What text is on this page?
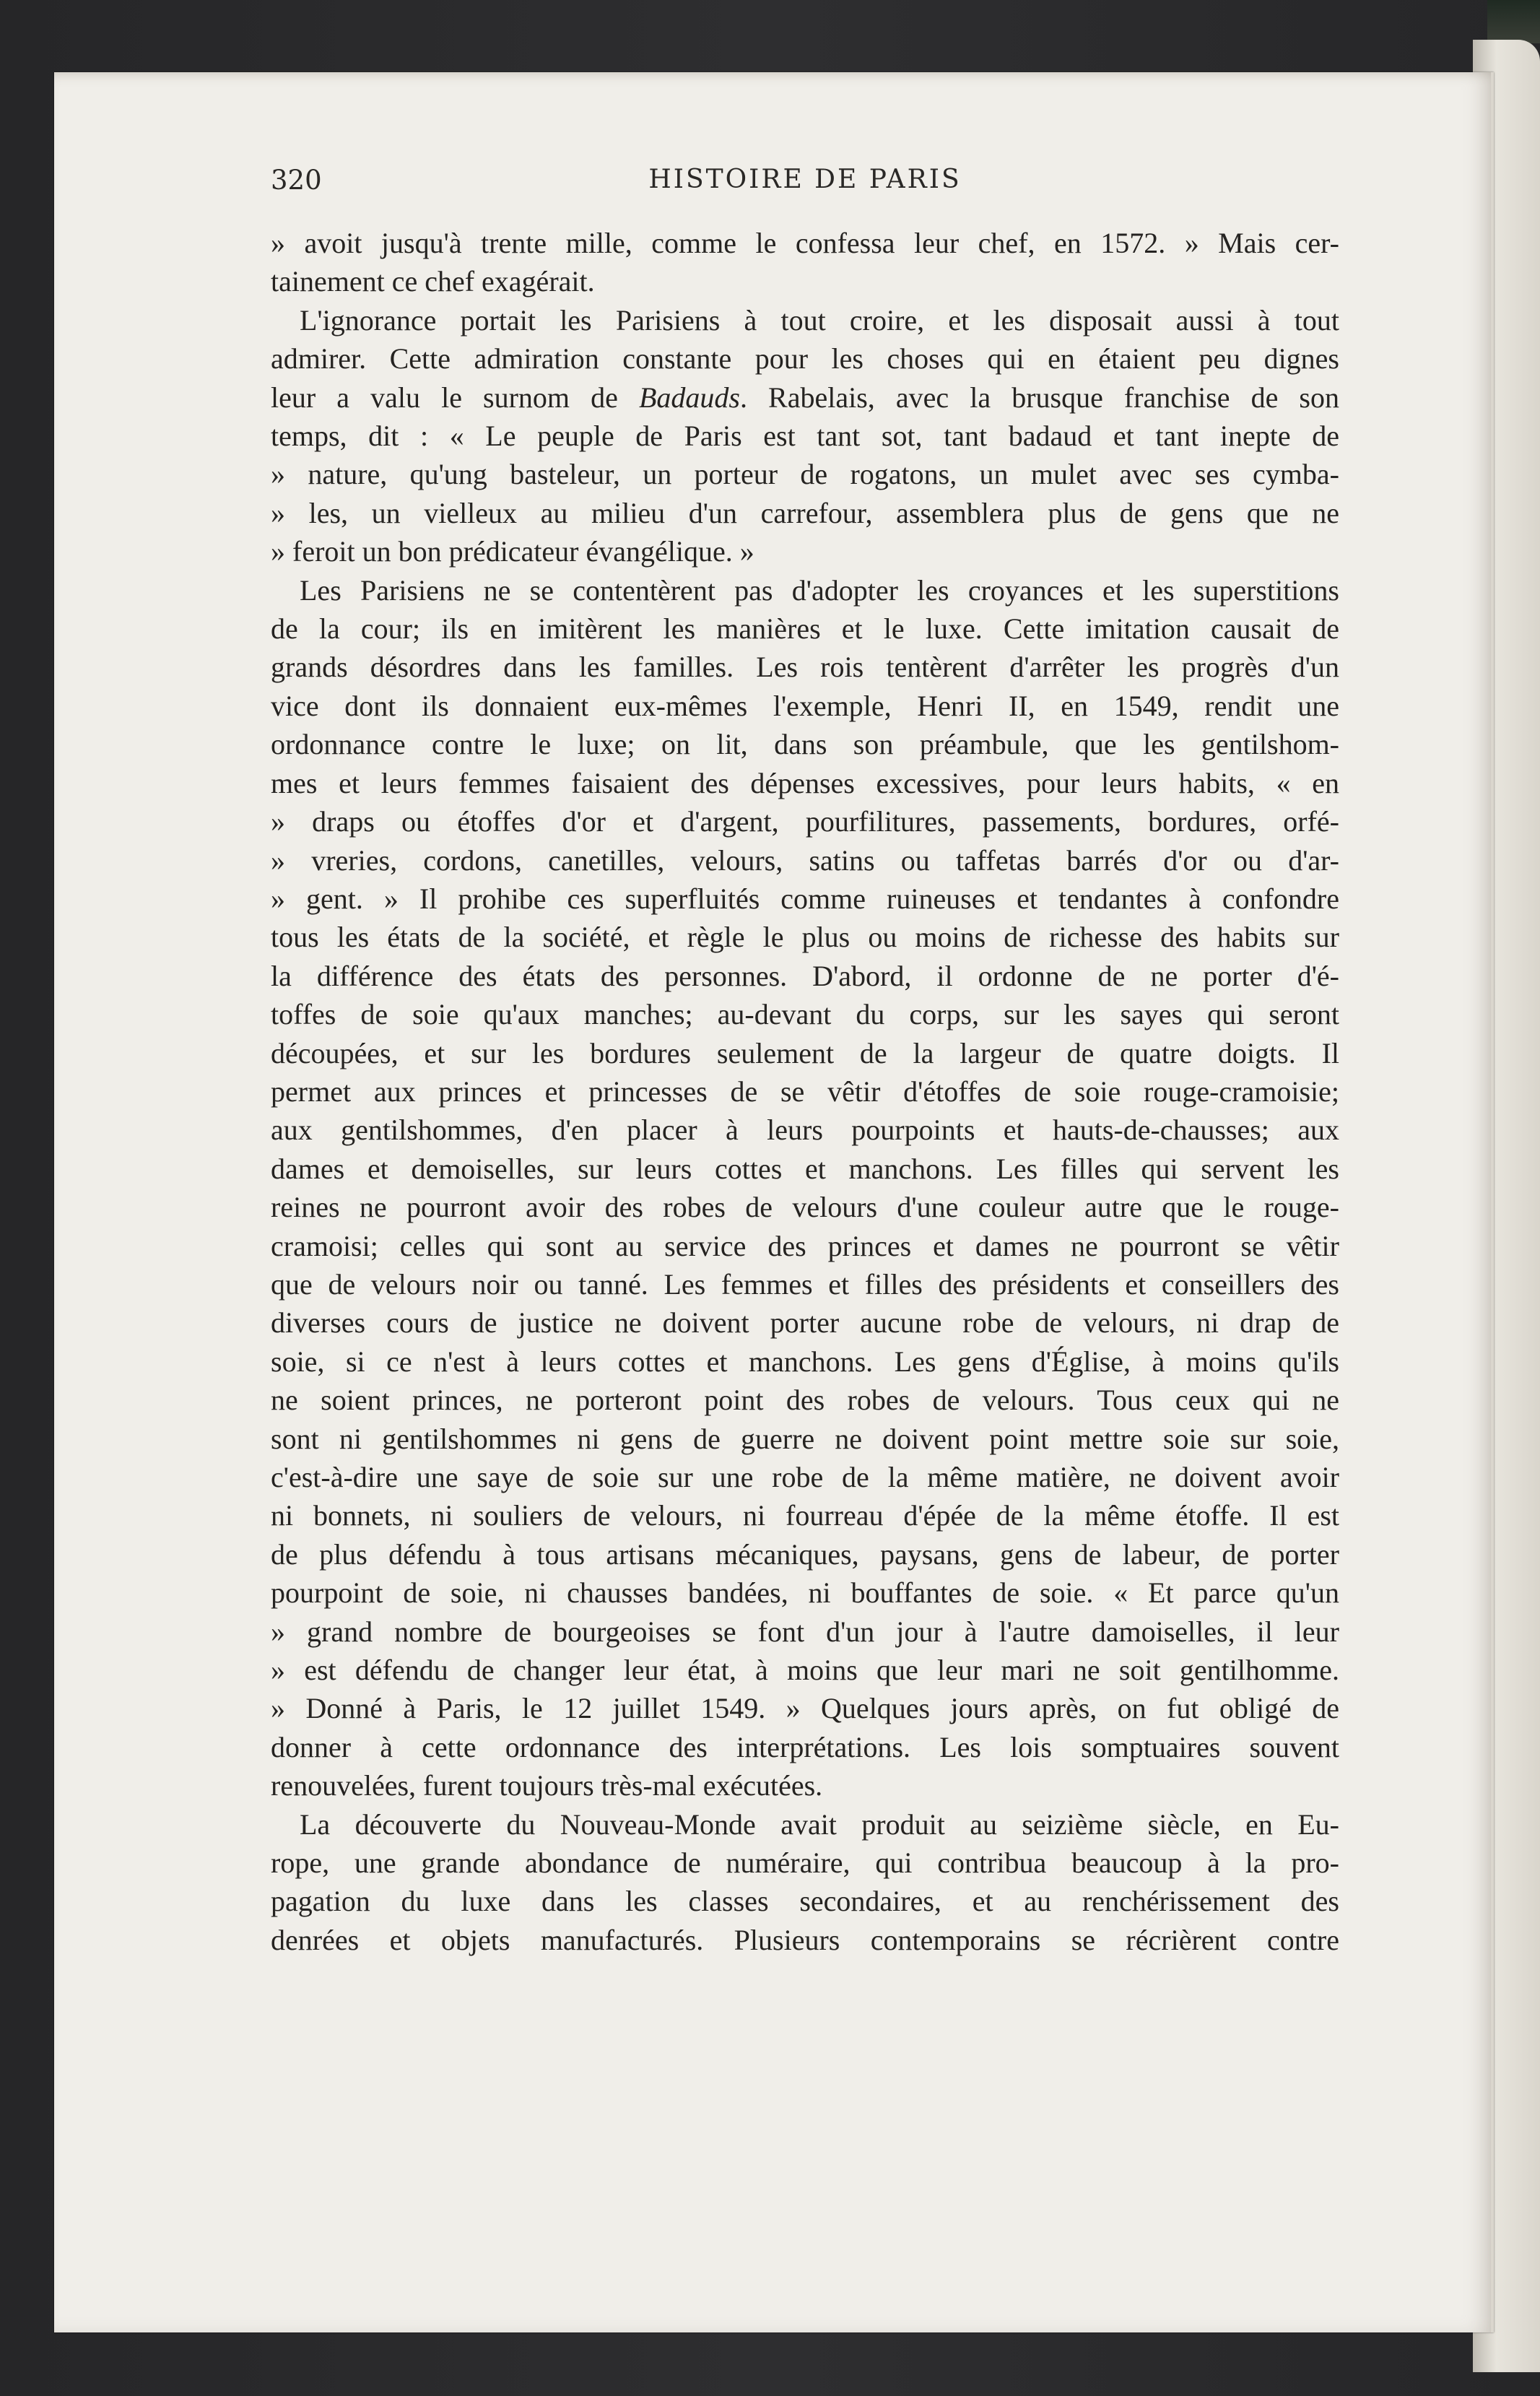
320	HISTOIRE DE PARIS
» avoit jusqu'à trente mille, comme le confessa leur chef, en 1572. » Mais cer-
tainement ce chef exagérait.
L'ignorance portait les Parisiens à tout croire, et les disposait aussi à tout
admirer. Cette admiration constante pour les choses qui en étaient peu dignes
leur a valu le surnom de Badauds. Rabelais, avec la brusque franchise de son
temps, dit : « Le peuple de Paris est tant sot, tant badaud et tant inepte de
» nature, qu'ung basteleur, un porteur de rogatons, un mulet avec ses cymba-
» les, un vielleux au milieu d'un carrefour, assemblera plus de gens que ne
» feroit un bon prédicateur évangélique. »
Les Parisiens ne se contentèrent pas d'adopter les croyances et les superstitions
de la cour; ils en imitèrent les manières et le luxe. Cette imitation causait de
grands désordres dans les familles. Les rois tentèrent d'arrêter les progrès d'un
vice dont ils donnaient eux-mêmes l'exemple, Henri II, en 1549, rendit une
ordonnance contre le luxe; on lit, dans son préambule, que les gentilshom-
mes et leurs femmes faisaient des dépenses excessives, pour leurs habits, « en
» draps ou étoffes d'or et d'argent, pourfilitures, passements, bordures, orfé-
» vreries, cordons, canetilles, velours, satins ou taffetas barrés d'or ou d'ar-
» gent. » Il prohibe ces superfluités comme ruineuses et tendantes à confondre
tous les états de la société, et règle le plus ou moins de richesse des habits sur
la différence des états des personnes. D'abord, il ordonne de ne porter d'é-
toffes de soie qu'aux manches; au-devant du corps, sur les sayes qui seront
découpées, et sur les bordures seulement de la largeur de quatre doigts. Il
permet aux princes et princesses de se vêtir d'étoffes de soie rouge-cramoisie;
aux gentilshommes, d'en placer à leurs pourpoints et hauts-de-chausses; aux
dames et demoiselles, sur leurs cottes et manchons. Les filles qui servent les
reines ne pourront avoir des robes de velours d'une couleur autre que le rouge-
cramoisi; celles qui sont au service des princes et dames ne pourront se vêtir
que de velours noir ou tanné. Les femmes et filles des présidents et conseillers des
diverses cours de justice ne doivent porter aucune robe de velours, ni drap de
soie, si ce n'est à leurs cottes et manchons. Les gens d'Église, à moins qu'ils
ne soient princes, ne porteront point des robes de velours. Tous ceux qui ne
sont ni gentilshommes ni gens de guerre ne doivent point mettre soie sur soie,
c'est-à-dire une saye de soie sur une robe de la même matière, ne doivent avoir
ni bonnets, ni souliers de velours, ni fourreau d'épée de la même étoffe. Il est
de plus défendu à tous artisans mécaniques, paysans, gens de labeur, de porter
pourpoint de soie, ni chausses bandées, ni bouffantes de soie. « Et parce qu'un
» grand nombre de bourgeoises se font d'un jour à l'autre damoiselles, il leur
» est défendu de changer leur état, à moins que leur mari ne soit gentilhomme.
» Donné à Paris, le 12 juillet 1549. » Quelques jours après, on fut obligé de
donner à cette ordonnance des interprétations. Les lois somptuaires souvent
renouvelées, furent toujours très-mal exécutées.
La découverte du Nouveau-Monde avait produit au seizième siècle, en Eu-
rope, une grande abondance de numéraire, qui contribua beaucoup à la pro-
pagation du luxe dans les classes secondaires, et au renchérissement des
denrées et objets manufacturés. Plusieurs contemporains se récrièrent contre
